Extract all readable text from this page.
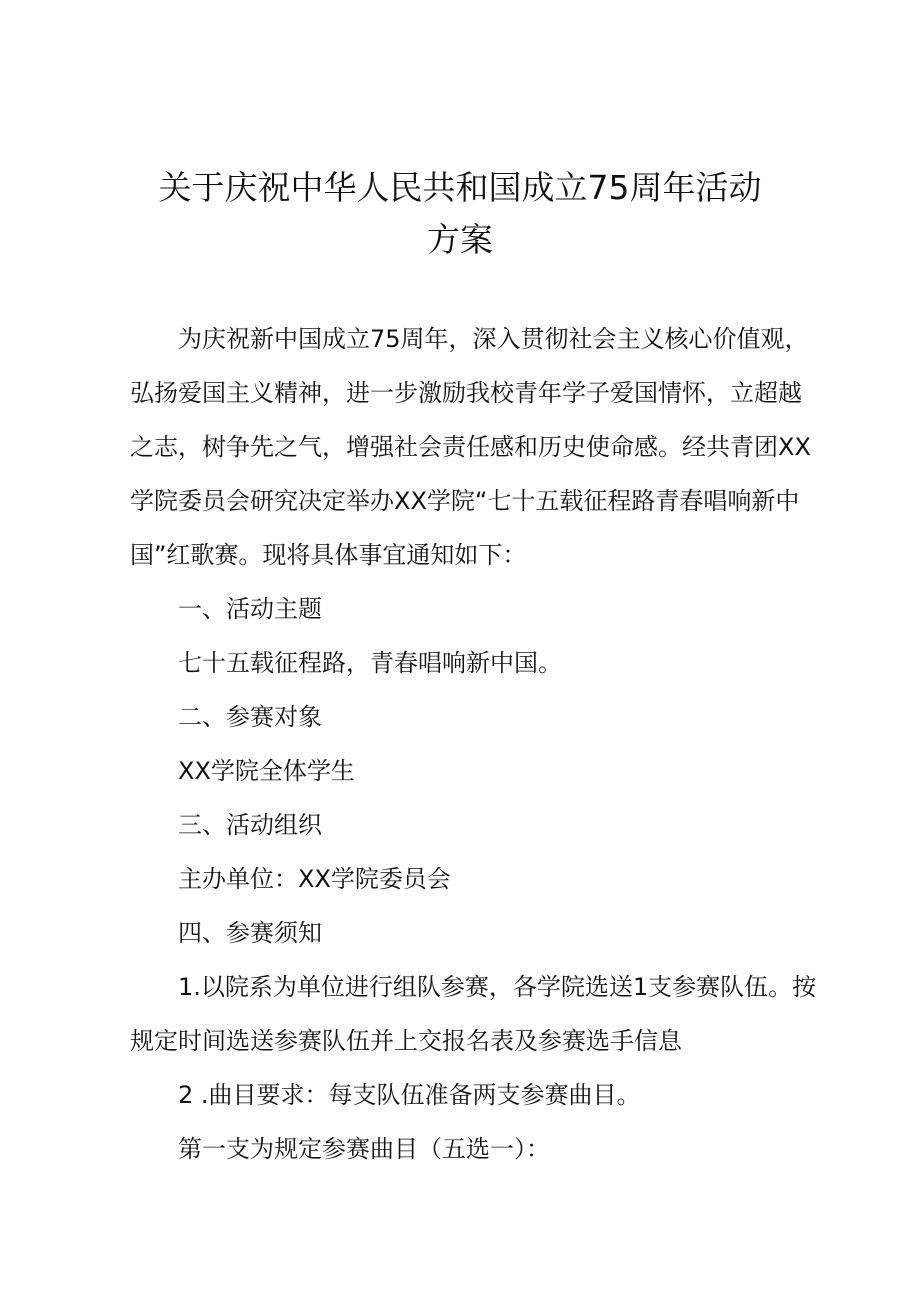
关于庆祝中华人民共和国成立75周年活动
方案
为庆祝新中国成立75周年，深入贯彻社会主义核心价值观，
弘扬爱国主义精神，进一步激励我校青年学子爱国情怀，立超越
之志，树争先之气，增强社会责任感和历史使命感。经共青团XX
学院委员会研究决定举办XX学院“七十五载征程路青春唱响新中
国”红歌赛。现将具体事宜通知如下：
一、活动主题
七十五载征程路，青春唱响新中国。
二、参赛对象
XX学院全体学生
三、活动组织
主办单位：XX学院委员会
四、参赛须知
1.以院系为单位进行组队参赛，各学院选送1支参赛队伍。按
规定时间选送参赛队伍并上交报名表及参赛选手信息
2 .曲目要求：每支队伍准备两支参赛曲目。
第一支为规定参赛曲目（五选一）：
